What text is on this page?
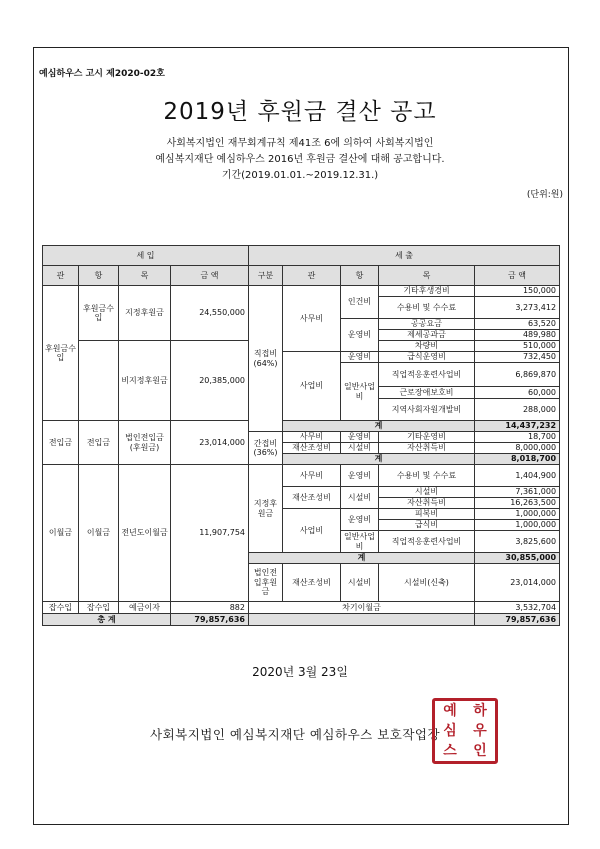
예심하우스 고시 제2020-02호
2019년 후원금 결산 공고
사회복지법인 재무회계규칙 제41조 6에 의하여 사회복지법인
예심복지재단 예심하우스 2016년 후원금 결산에 대해 공고합니다.
기간(2019.01.01.~2019.12.31.)
(단위:원)
세 입				세 출				
관	항	목	금 액	구분	관	항	목	금 액
후원금수입	후원금수입	지정후원금	24,550,000	직접비(64%)	사무비	인건비	기타후생경비	150,000
							수용비 및 수수료	3,273,412
						운영비	공공요금	63,520
							제세공과금	489,980
		비지정후원금	20,385,000				차량비	510,000
					사업비	운영비	급식운영비	732,450
						일반사업비	직업적응훈련사업비	6,869,870
							근로장애보호비	60,000
							지역사회자원개발비	288,000

전입금	전입금	법인전입금(후원금)	23,014,000		계			14,437,232
				간접비(36%)	사무비	운영비	기타운영비	18,700
					재산조성비	시설비	자산취득비	8,000,000
					계			8,018,700
이월금	이월금	전년도이월금	11,907,754	지정후원금	사무비	운영비	수용비 및 수수료	1,404,900
					재산조성비	시설비	시설비	7,361,000
							자산취득비	16,263,500
					사업비	운영비	피복비	1,000,000
							급식비	1,000,000
						일반사업비	직업적응훈련사업비	3,825,600

				계				30,855,000
				법인전입후원금	재산조성비	시설비	시설비(신축)	23,014,000

잡수입	잡수입	예금이자	882	차기이월금				3,532,704
총 계			79,857,636					79,857,636
2020년 3월 23일
사회복지법인 예심복지재단 예심하우스 보호작업장
예	하
심	우
스	인
